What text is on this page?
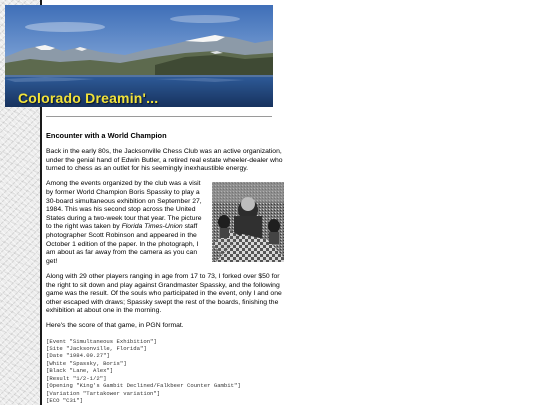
Colorado Dreamin'...
Encounter with a World Champion

Back in the early 80s, the Jacksonville Chess Club was an active organization, under the genial hand of Edwin Butler, a retired real estate wheeler-dealer who turned to chess as an outlet for his seemingly inexhaustible energy.

Among the events organized by the club was a visit by former World Champion Boris Spassky to play a 30-board simultaneous exhibition on September 27, 1984. This was his second stop across the United States during a two-week tour that year. The picture to the right was taken by Florida Times-Union staff photographer Scott Robinson and appeared in the October 1 edition of the paper. In the photograph, I am about as far away from the camera as you can get!

Along with 29 other players ranging in age from 17 to 73, I forked over $50 for the right to sit down and play against Grandmaster Spassky, and the following game was the result. Of the souls who participated in the event, only I and one other escaped with draws; Spassky swept the rest of the boards, finishing the exhibition at about one in the morning.

Here's the score of that game, in PGN format.

[Event "Simultaneous Exhibition"]
[Site "Jacksonville, Florida"]
[Date "1984.09.27"]
[White "Spassky, Boris"]
[Black "Lane, Alex"]
[Result "1/2-1/2"]
[Opening "King's Gambit Declined/Falkbeer Counter Gambit"]
[Variation "Tartakower variation"]
[ECO "C31"]
